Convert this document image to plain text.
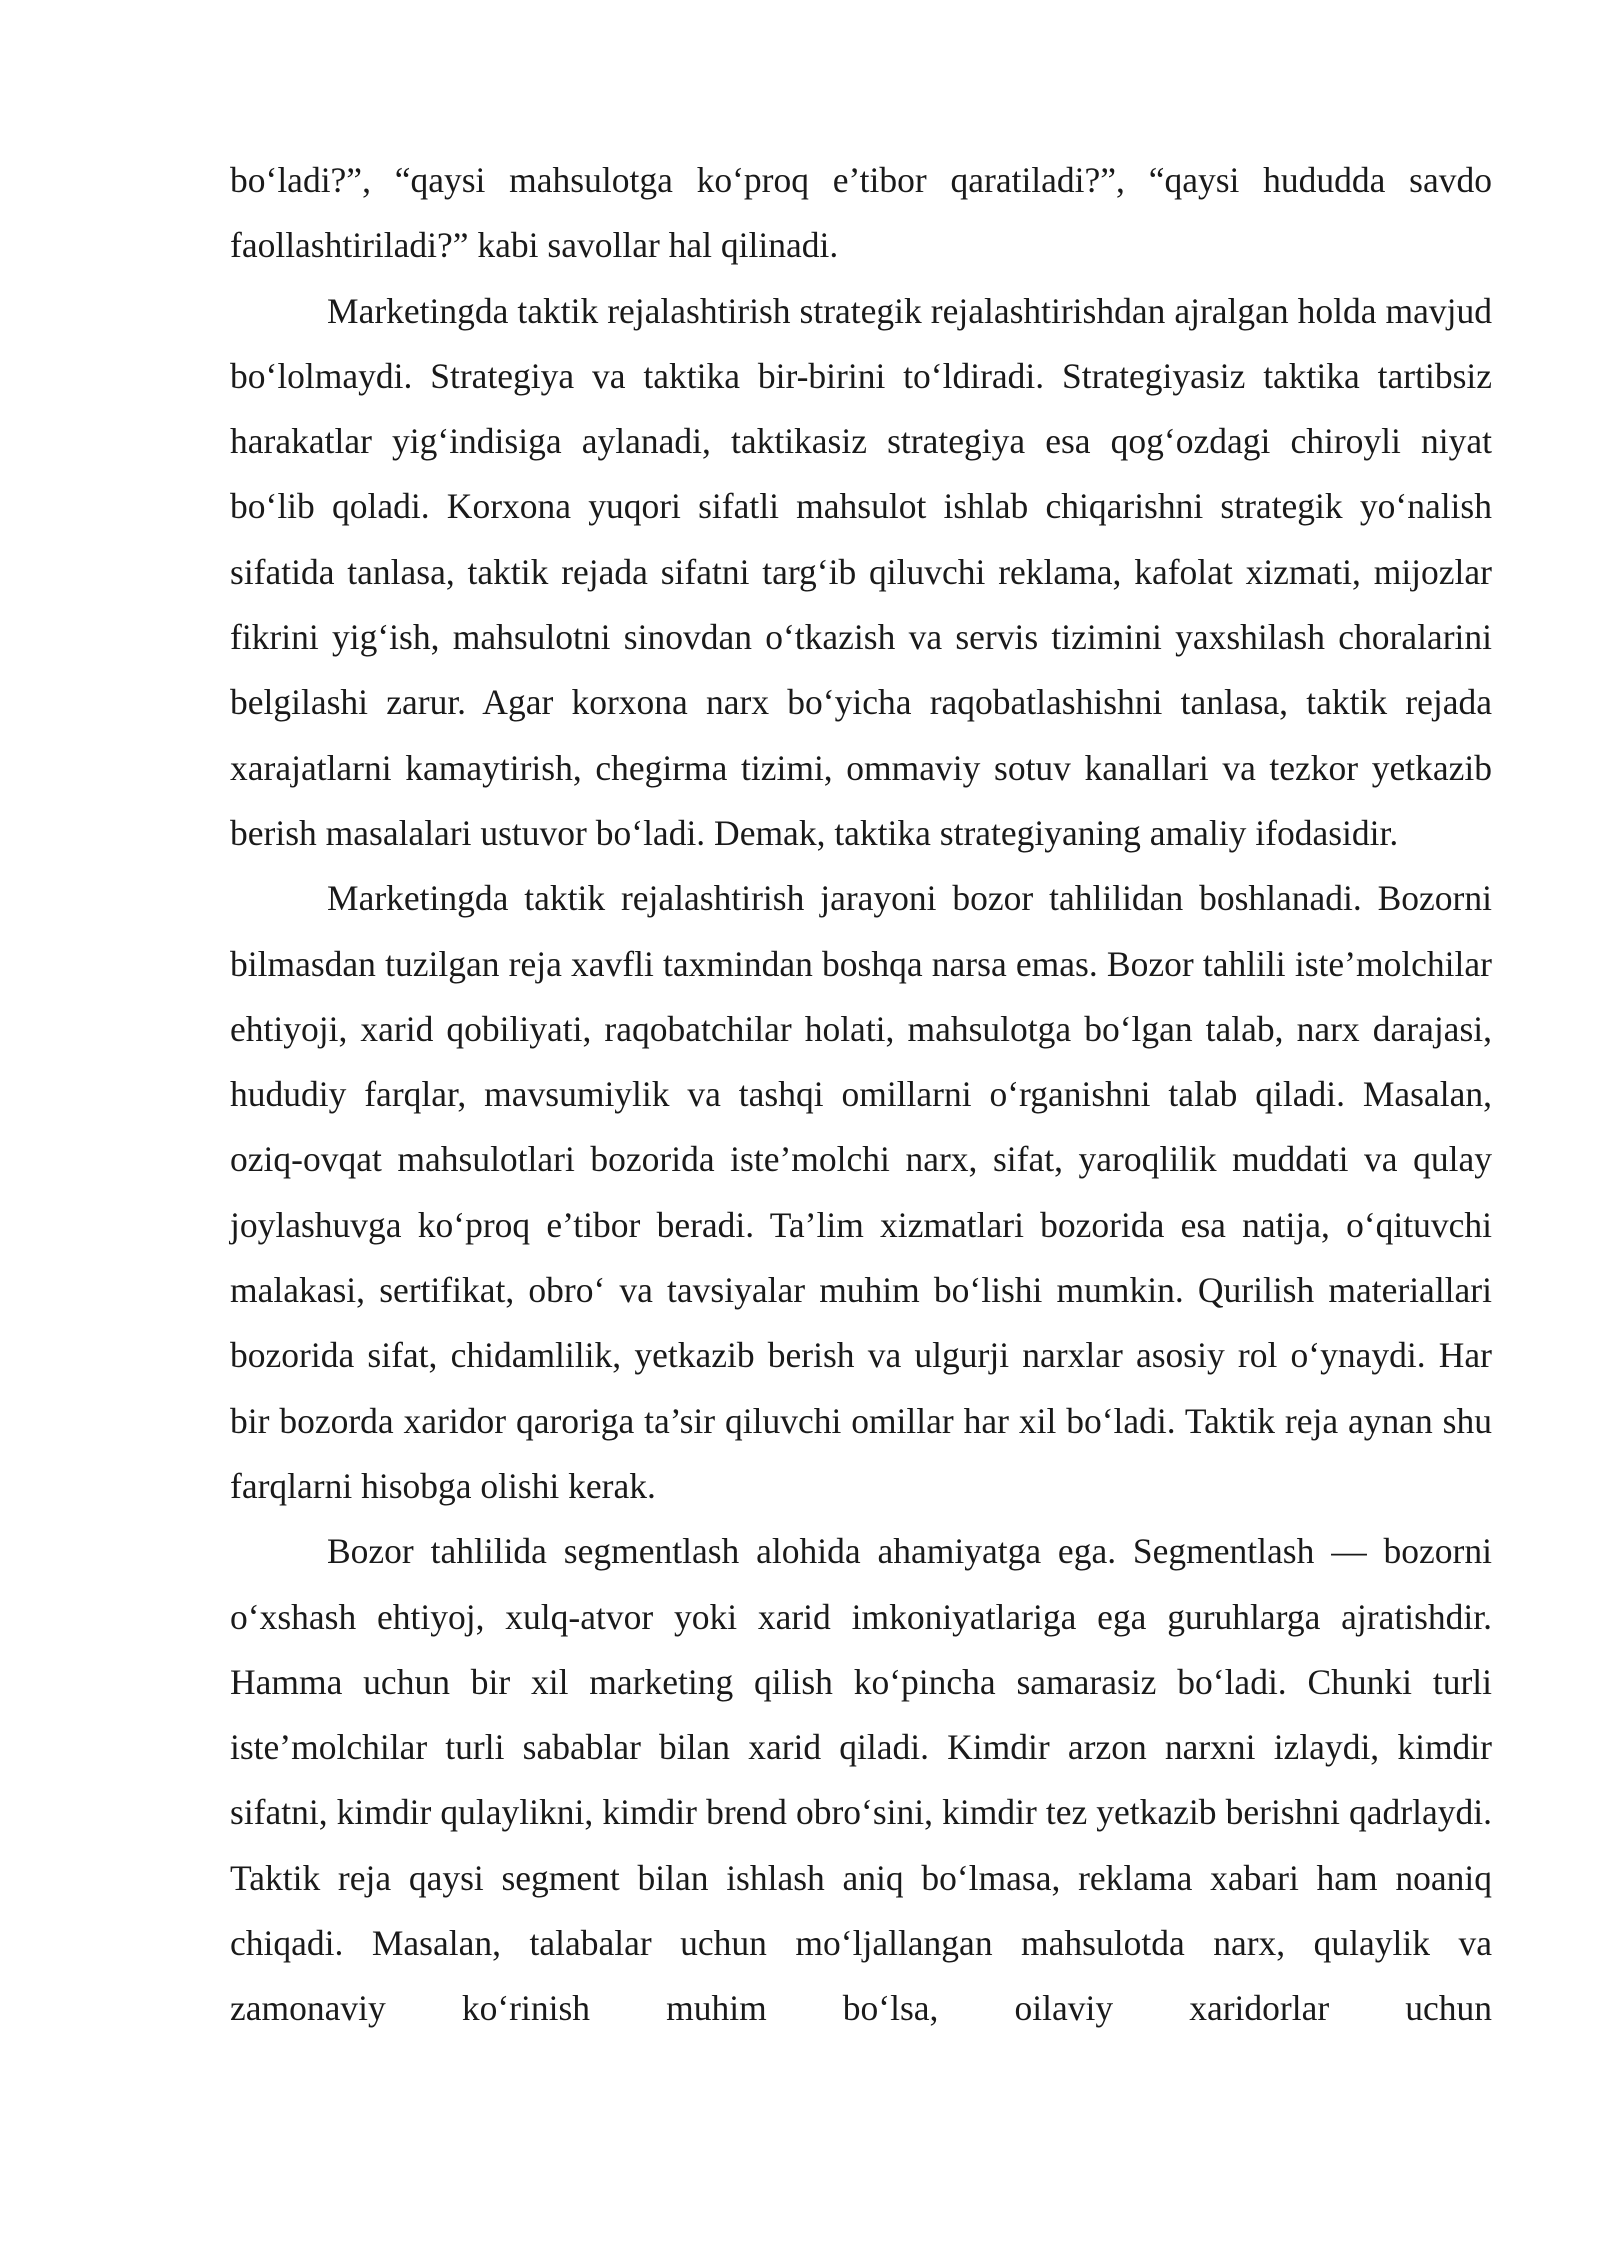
bo‘ladi?”, “qaysi mahsulotga ko‘proq e’tibor qaratiladi?”, “qaysi hududda savdo faollashtiriladi?” kabi savollar hal qilinadi.

Marketingda taktik rejalashtirish strategik rejalashtirishdan ajralgan holda mavjud bo‘lolmaydi. Strategiya va taktika bir-birini to‘ldiradi. Strategiyasiz taktika tartibsiz harakatlar yig‘indisiga aylanadi, taktikasiz strategiya esa qog‘ozdagi chiroyli niyat bo‘lib qoladi. Korxona yuqori sifatli mahsulot ishlab chiqarishni strategik yo‘nalish sifatida tanlasa, taktik rejada sifatni targ‘ib qiluvchi reklama, kafolat xizmati, mijozlar fikrini yig‘ish, mahsulotni sinovdan o‘tkazish va servis tizimini yaxshilash choralarini belgilashi zarur. Agar korxona narx bo‘yicha raqobatlashishni tanlasa, taktik rejada xarajatlarni kamaytirish, chegirma tizimi, ommaviy sotuv kanallari va tezkor yetkazib berish masalalari ustuvor bo‘ladi. Demak, taktika strategiyaning amaliy ifodasidir.

Marketingda taktik rejalashtirish jarayoni bozor tahlilidan boshlanadi. Bozorni bilmasdan tuzilgan reja xavfli taxmindan boshqa narsa emas. Bozor tahlili iste’molchilar ehtiyoji, xarid qobiliyati, raqobatchilar holati, mahsulotga bo‘lgan talab, narx darajasi, hududiy farqlar, mavsumiylik va tashqi omillarni o‘rganishni talab qiladi. Masalan, oziq-ovqat mahsulotlari bozorida iste’molchi narx, sifat, yaroqlilik muddati va qulay joylashuvga ko‘proq e’tibor beradi. Ta’lim xizmatlari bozorida esa natija, o‘qituvchi malakasi, sertifikat, obro‘ va tavsiyalar muhim bo‘lishi mumkin. Qurilish materiallari bozorida sifat, chidamlilik, yetkazib berish va ulgurji narxlar asosiy rol o‘ynaydi. Har bir bozorda xaridor qaroriga ta’sir qiluvchi omillar har xil bo‘ladi. Taktik reja aynan shu farqlarni hisobga olishi kerak.

Bozor tahlilida segmentlash alohida ahamiyatga ega. Segmentlash — bozorni o‘xshash ehtiyoj, xulq-atvor yoki xarid imkoniyatlariga ega guruhlarga ajratishdir. Hamma uchun bir xil marketing qilish ko‘pincha samarasiz bo‘ladi. Chunki turli iste’molchilar turli sabablar bilan xarid qiladi. Kimdir arzon narxni izlaydi, kimdir sifatni, kimdir qulaylikni, kimdir brend obro‘sini, kimdir tez yetkazib berishni qadrlaydi. Taktik reja qaysi segment bilan ishlash aniq bo‘lmasa, reklama xabari ham noaniq chiqadi. Masalan, talabalar uchun mo‘ljallangan mahsulotda narx, qulaylik va zamonaviy ko‘rinish muhim bo‘lsa, oilaviy xaridorlar uchun
